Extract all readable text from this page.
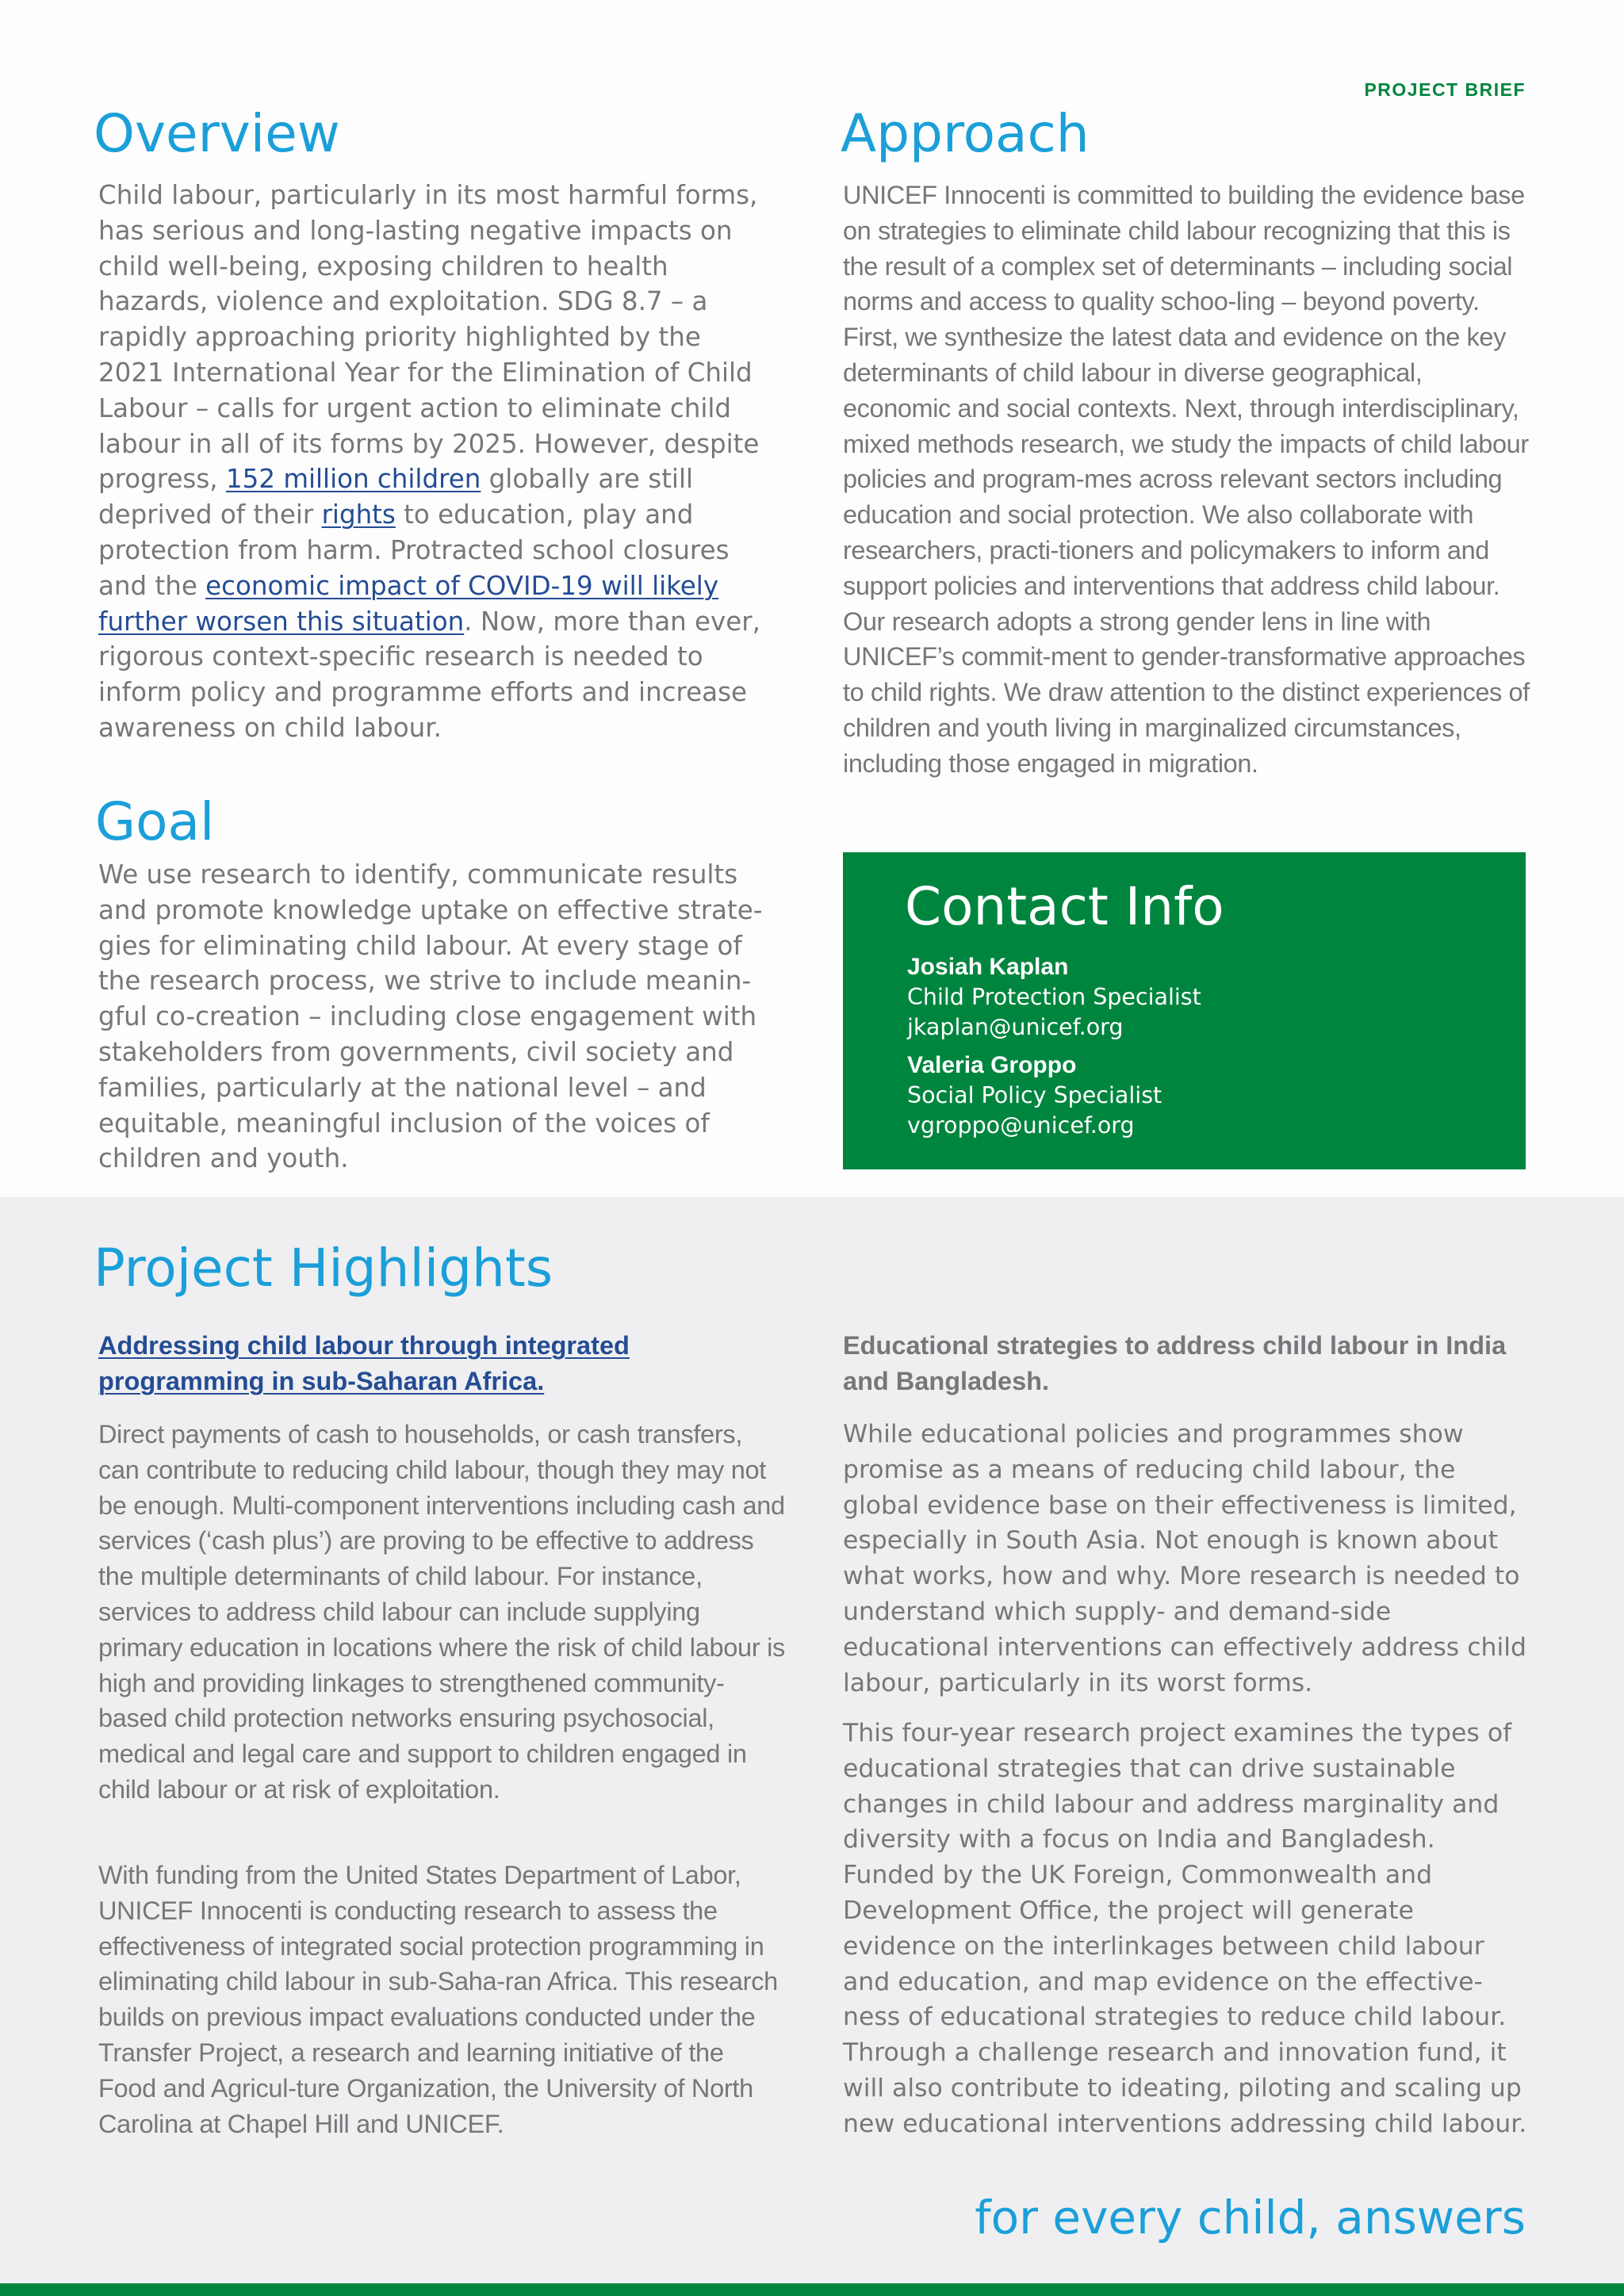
PROJECT BRIEF
Overview

Child labour, particularly in its most harmful forms, has serious and long-lasting negative impacts on child well-being, exposing children to health hazards, violence and exploitation. SDG 8.7 – a rapidly approaching priority highlighted by the 2021 International Year for the Elimination of Child Labour – calls for urgent action to eliminate child labour in all of its forms by 2025. However, despite progress, 152 million children globally are still deprived of their rights to education, play and protection from harm. Protracted school closures and the economic impact of COVID-19 will likely further worsen this situation. Now, more than ever, rigorous context-specific research is needed to inform policy and programme efforts and increase awareness on child labour.

Goal

We use research to identify, communicate results and promote knowledge uptake on effective strate-gies for eliminating child labour. At every stage of the research process, we strive to include meanin-gful co-creation – including close engagement with stakeholders from governments, civil society and families, particularly at the national level – and equitable, meaningful inclusion of the voices of children and youth.

Approach

UNICEF Innocenti is committed to building the evidence base on strategies to eliminate child labour recognizing that this is the result of a complex set of determinants – including social norms and access to quality schoo-ling – beyond poverty. First, we synthesize the latest data and evidence on the key determinants of child labour in diverse geographical, economic and social contexts. Next, through interdisciplinary, mixed methods research, we study the impacts of child labour policies and program-mes across relevant sectors including education and social protection. We also collaborate with researchers, practi-tioners and policymakers to inform and support policies and interventions that address child labour. Our research adopts a strong gender lens in line with UNICEF’s commit-ment to gender-transformative approaches to child rights. We draw attention to the distinct experiences of children and youth living in marginalized circumstances, including those engaged in migration.

Contact Info
Josiah Kaplan
Child Protection Specialist
jkaplan@unicef.org
Valeria Groppo
Social Policy Specialist
vgroppo@unicef.org
Project Highlights

Addressing child labour through integrated programming in sub-Saharan Africa.

Direct payments of cash to households, or cash transfers, can contribute to reducing child labour, though they may not be enough. Multi-component interventions including cash and services (‘cash plus’) are proving to be effective to address the multiple determinants of child labour. For instance, services to address child labour can include supplying primary education in locations where the risk of child labour is high and providing linkages to strengthened community-based child protection networks ensuring psychosocial, medical and legal care and support to children engaged in child labour or at risk of exploitation.

With funding from the United States Department of Labor, UNICEF Innocenti is conducting research to assess the effectiveness of integrated social protection programming in eliminating child labour in sub-Saha-ran Africa. This research builds on previous impact evaluations conducted under the Transfer Project, a research and learning initiative of the Food and Agricul-ture Organization, the University of North Carolina at Chapel Hill and UNICEF.

Educational strategies to address child labour in India and Bangladesh.

While educational policies and programmes show promise as a means of reducing child labour, the global evidence base on their effectiveness is limited, especially in South Asia. Not enough is known about what works, how and why. More research is needed to understand which supply- and demand-side educational interventions can effectively address child labour, particularly in its worst forms.

This four-year research project examines the types of educational strategies that can drive sustainable changes in child labour and address marginality and diversity with a focus on India and Bangladesh. Funded by the UK Foreign, Commonwealth and Development Office, the project will generate evidence on the interlinkages between child labour and education, and map evidence on the effective-ness of educational strategies to reduce child labour. Through a challenge research and innovation fund, it will also contribute to ideating, piloting and scaling up new educational interventions addressing child labour.

for every child, answers
